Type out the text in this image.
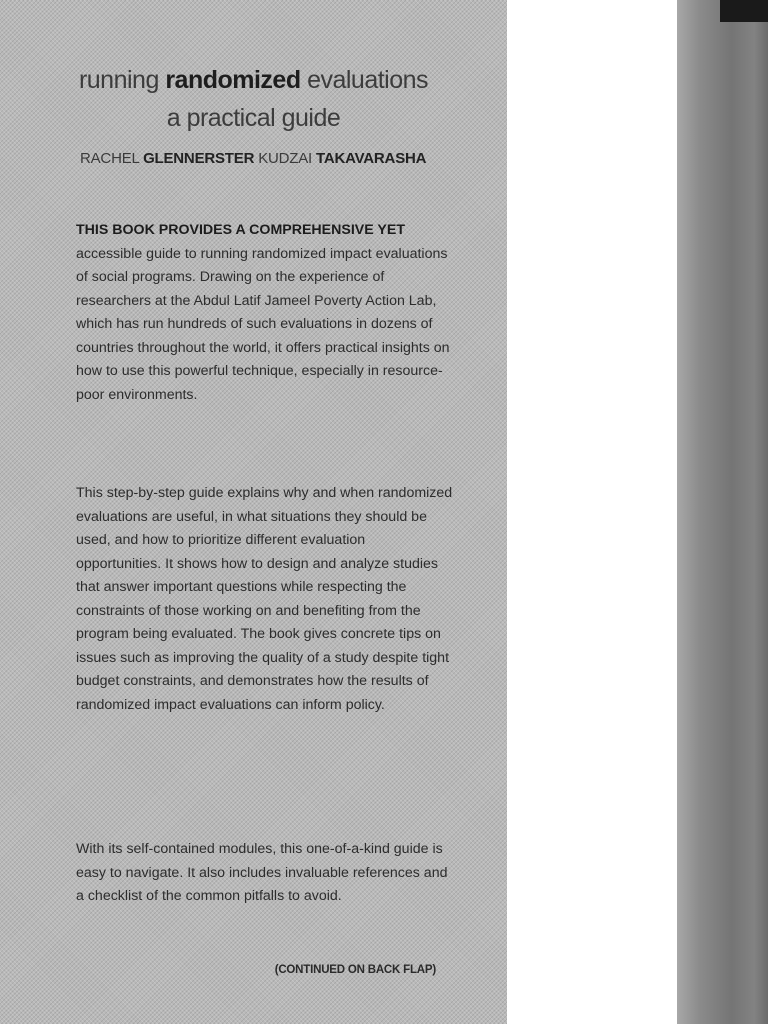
running randomized evaluations
a practical guide
RACHEL GLENNERSTER KUDZAI TAKAVARASHA
THIS BOOK PROVIDES A COMPREHENSIVE YET accessible guide to running randomized impact evaluations of social programs. Drawing on the experience of researchers at the Abdul Latif Jameel Poverty Action Lab, which has run hundreds of such evaluations in dozens of countries throughout the world, it offers practical insights on how to use this powerful technique, especially in resource-poor environments.
This step-by-step guide explains why and when randomized evaluations are useful, in what situations they should be used, and how to prioritize different evaluation opportunities. It shows how to design and analyze studies that answer important questions while respecting the constraints of those working on and benefiting from the program being evaluated. The book gives concrete tips on issues such as improving the quality of a study despite tight budget constraints, and demonstrates how the results of randomized impact evaluations can inform policy.
With its self-contained modules, this one-of-a-kind guide is easy to navigate. It also includes invaluable references and a checklist of the common pitfalls to avoid.
(CONTINUED ON BACK FLAP)
